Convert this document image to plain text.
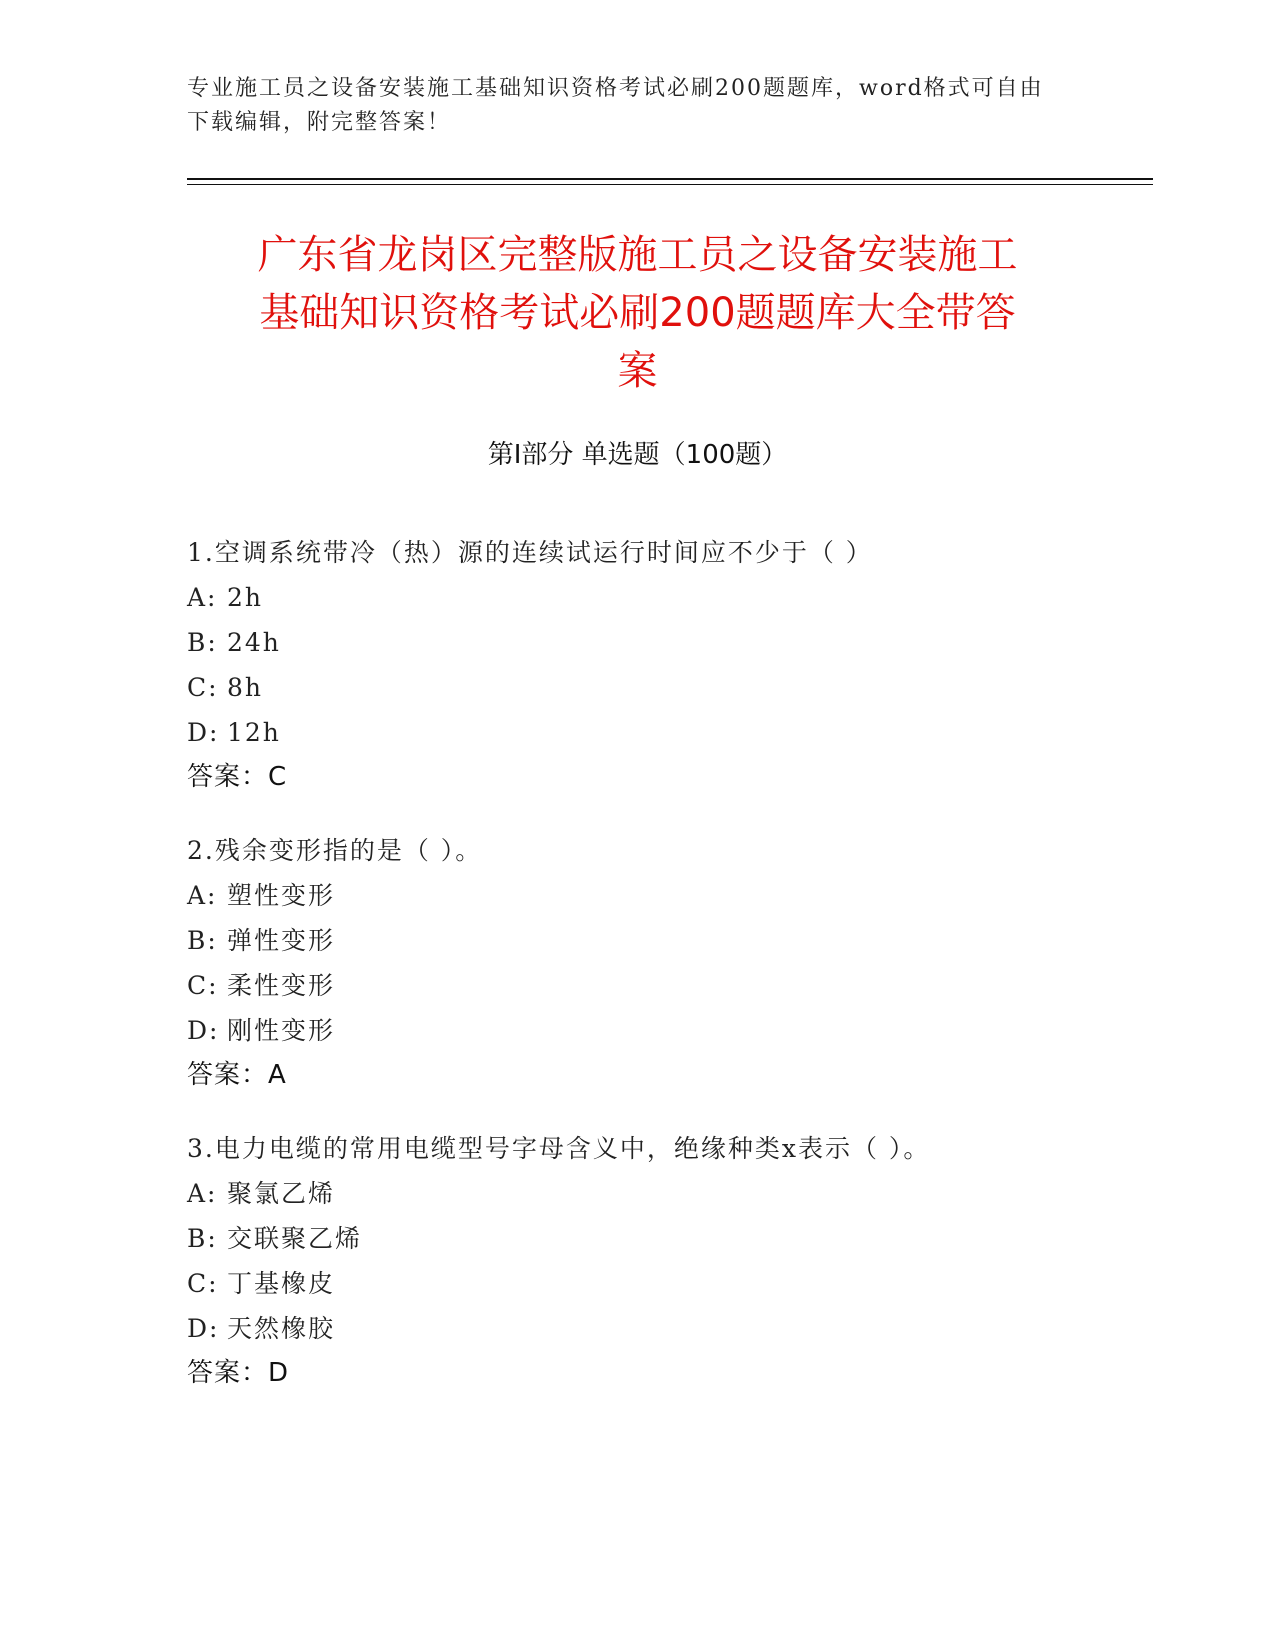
专业施工员之设备安装施工基础知识资格考试必刷200题题库，word格式可自由
下载编辑，附完整答案！
广东省龙岗区完整版施工员之设备安装施工
基础知识资格考试必刷200题题库大全带答
案
第Ⅰ部分 单选题（100题）
1.空调系统带冷（热）源的连续试运行时间应不少于（ ）
A: 2h
B: 24h
C: 8h
D: 12h
答案：C
2.残余变形指的是（ ）。
A: 塑性变形
B: 弹性变形
C: 柔性变形
D: 刚性变形
答案：A
3.电力电缆的常用电缆型号字母含义中，绝缘种类x表示（ ）。
A: 聚氯乙烯
B: 交联聚乙烯
C: 丁基橡皮
D: 天然橡胶
答案：D
